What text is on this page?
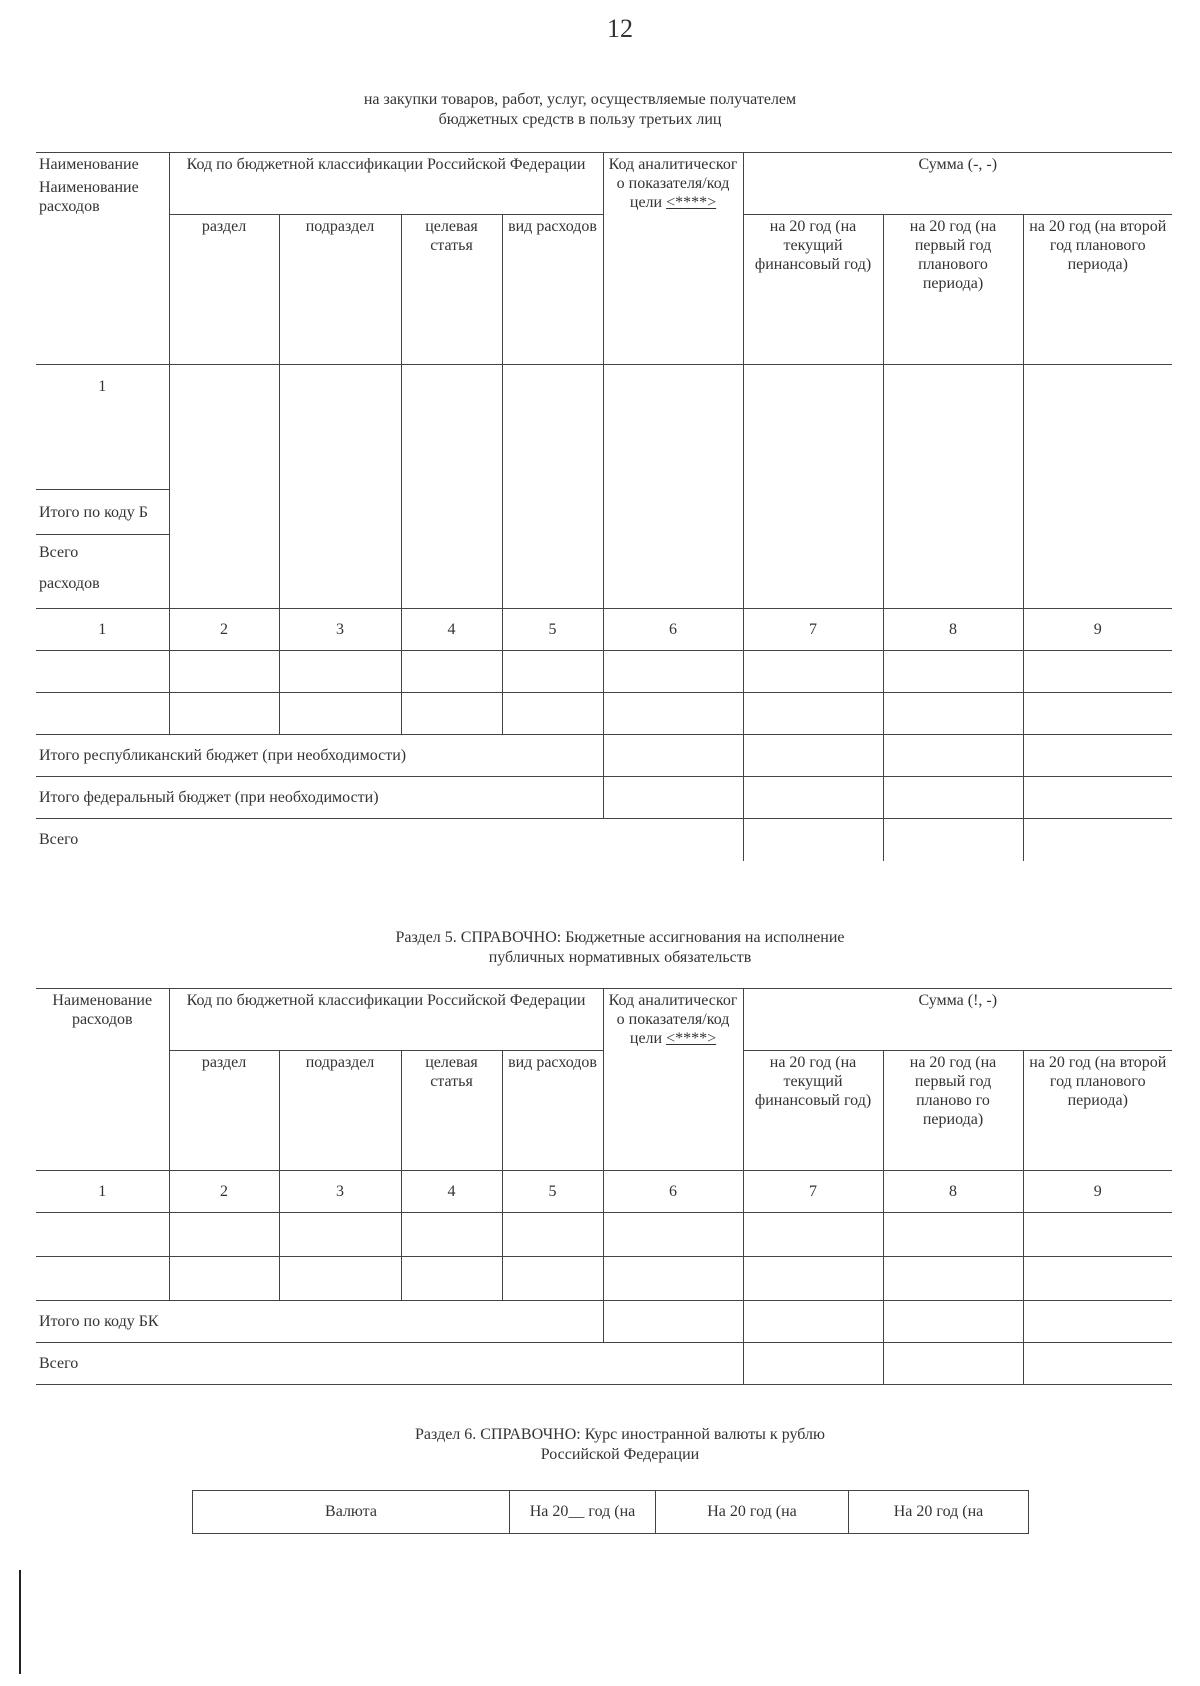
12
на закупки товаров, работ, услуг, осуществляемые получателем
бюджетных средств в пользу третьих лиц
Наименование
Наименование расходов	Код по бюджетной классификации Российской Федерации				Код аналитическог о показателя/код цели <****>	Сумма (-, -)		
	раздел	подраздел	целевая статья	вид расходов		на 20 год (на текущий финансовый год)	на 20 год (на первый год планового периода)	на 20 год (на второй год планового периода)

1								

Итого по коду Б								

Всего
расходов								

1	2	3	4	5	6	7	8	9

Итого республиканский бюджет (при необходимости)								
Итого федеральный бюджет (при необходимости)								
Всего								
Раздел 5. СПРАВОЧНО: Бюджетные ассигнования на исполнение
публичных нормативных обязательств
Наименование расходов	Код по бюджетной классификации Российской Федерации				Код аналитическог о показателя/код цели <****>	Сумма (!, -)		
	раздел	подраздел	целевая статья	вид расходов		на 20 год (на текущий финансовый год)	на 20 год (на первый год планово го периода)	на 20 год (на второй год планового периода)
1	2	3	4	5	6	7	8	9

Итого по коду БК								
Всего								
Раздел 6. СПРАВОЧНО: Курс иностранной валюты к рублю
Российской Федерации
Валюта	На 20__ год (на	На 20 год (на	На 20 год (на
